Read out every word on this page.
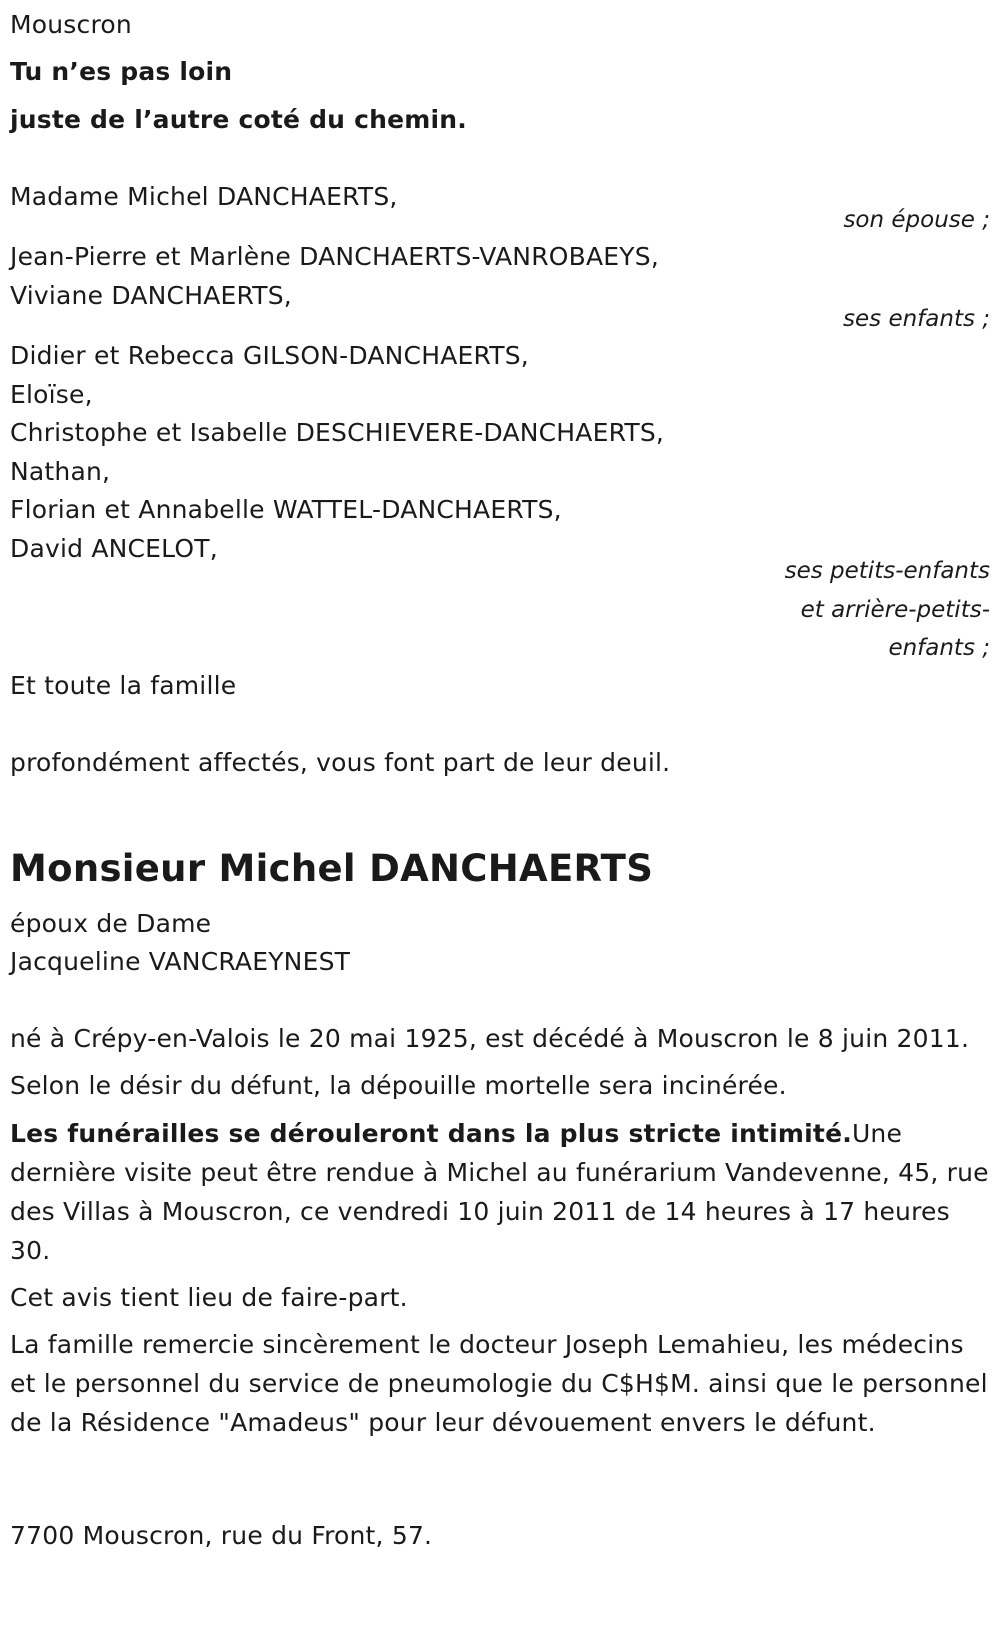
Mouscron
Tu n’es pas loin
juste de l’autre coté du chemin.
Madame Michel DANCHAERTS,
son épouse ;
Jean-Pierre et Marlène DANCHAERTS-VANROBAEYS,
Viviane DANCHAERTS,
ses enfants ;
Didier et Rebecca GILSON-DANCHAERTS,
Eloïse,
Christophe et Isabelle DESCHIEVERE-DANCHAERTS,
Nathan,
Florian et Annabelle WATTEL-DANCHAERTS,
David ANCELOT,
ses petits-enfants
et arrière-petits-
enfants ;
Et toute la famille
profondément affectés, vous font part de leur deuil.
Monsieur Michel DANCHAERTS
époux de Dame
Jacqueline VANCRAEYNEST
né à Crépy-en-Valois le 20 mai 1925, est décédé à Mouscron le 8 juin 2011.
Selon le désir du défunt, la dépouille mortelle sera incinérée.
Les funérailles se dérouleront dans la plus stricte intimité.Une dernière visite peut être rendue à Michel au funérarium Vandevenne, 45, rue des Villas à Mouscron, ce vendredi 10 juin 2011 de 14 heures à 17 heures 30.
Cet avis tient lieu de faire-part.
La famille remercie sincèrement le docteur Joseph Lemahieu, les médecins et le personnel du service de pneumologie du C$H$M. ainsi que le personnel de la Résidence "Amadeus" pour leur dévouement envers le défunt.
7700 Mouscron, rue du Front, 57.
